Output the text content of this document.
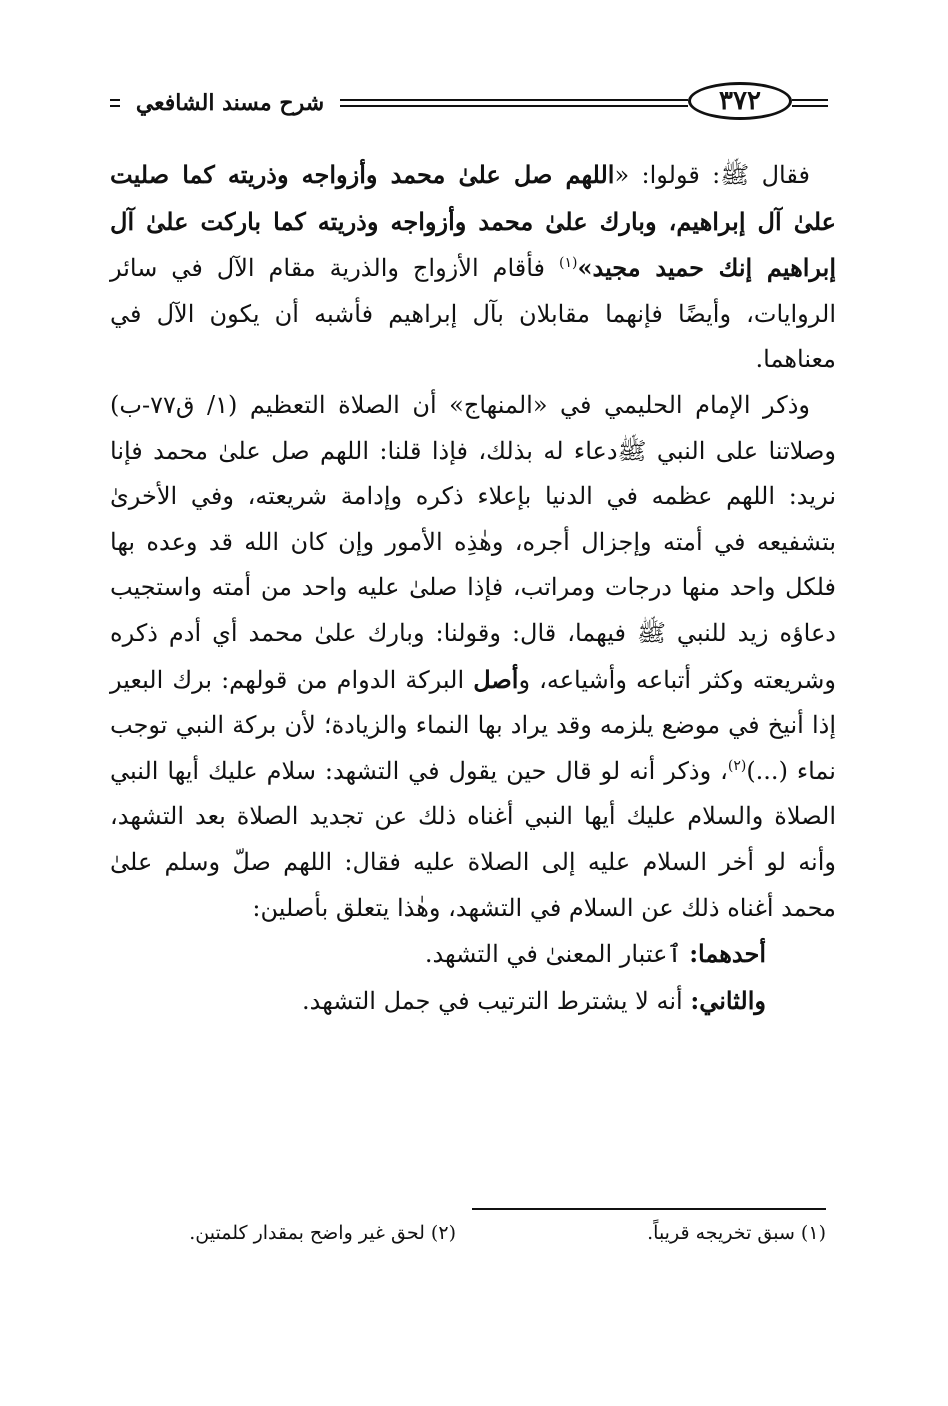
شرح مسند الشافعي	٣٧٢

فقال ﷺ: قولوا: «اللهم صل علىٰ محمد وأزواجه وذريته كما صليت علىٰ آل إبراهيم، وبارك علىٰ محمد وأزواجه وذريته كما باركت علىٰ آل إبراهيم إنك حميد مجيد»$^{(١)}$ فأقام الأزواج والذرية مقام الآل في سائر الروايات، وأيضًا فإنهما مقابلان بآل إبراهيم فأشبه أن يكون الآل في معناهما.

وذكر الإمام الحليمي في «المنهاج» أن الصلاة التعظيم (١/ ق٧٧-ب) وصلاتنا على النبي ﷺدعاء له بذلك، فإذا قلنا: اللهم صل علىٰ محمد فإنا نريد: اللهم عظمه في الدنيا بإعلاء ذكره وإدامة شريعته، وفي الأخرىٰ بتشفيعه في أمته وإجزال أجره، وهٰذِه الأمور وإن كان الله قد وعده بها فلكل واحد منها درجات ومراتب، فإذا صلىٰ عليه واحد من أمته واستجيب دعاؤه زيد للنبي ﷺ فيهما، قال: وقولنا: وبارك علىٰ محمد أي أدم ذكره وشريعته وكثر أتباعه وأشياعه، وأصل البركة الدوام من قولهم: برك البعير إذا أنيخ في موضع يلزمه وقد يراد بها النماء والزيادة؛ لأن بركة النبي توجب نماء (...)$^{(٢)}$، وذكر أنه لو قال حين يقول في التشهد: سلام عليك أيها النبي الصلاة والسلام عليك أيها النبي أغناه ذلك عن تجديد الصلاة بعد التشهد، وأنه لو أخر السلام عليه إلى الصلاة عليه فقال: اللهم صلّ وسلم علىٰ محمد أغناه ذلك عن السلام في التشهد، وهٰذا يتعلق بأصلين:

أحدهما: ٱعتبار المعنىٰ في التشهد.

والثاني: أنه لا يشترط الترتيب في جمل التشهد.

(١) سبق تخريجه قريباً.
(٢) لحق غير واضح بمقدار كلمتين.
